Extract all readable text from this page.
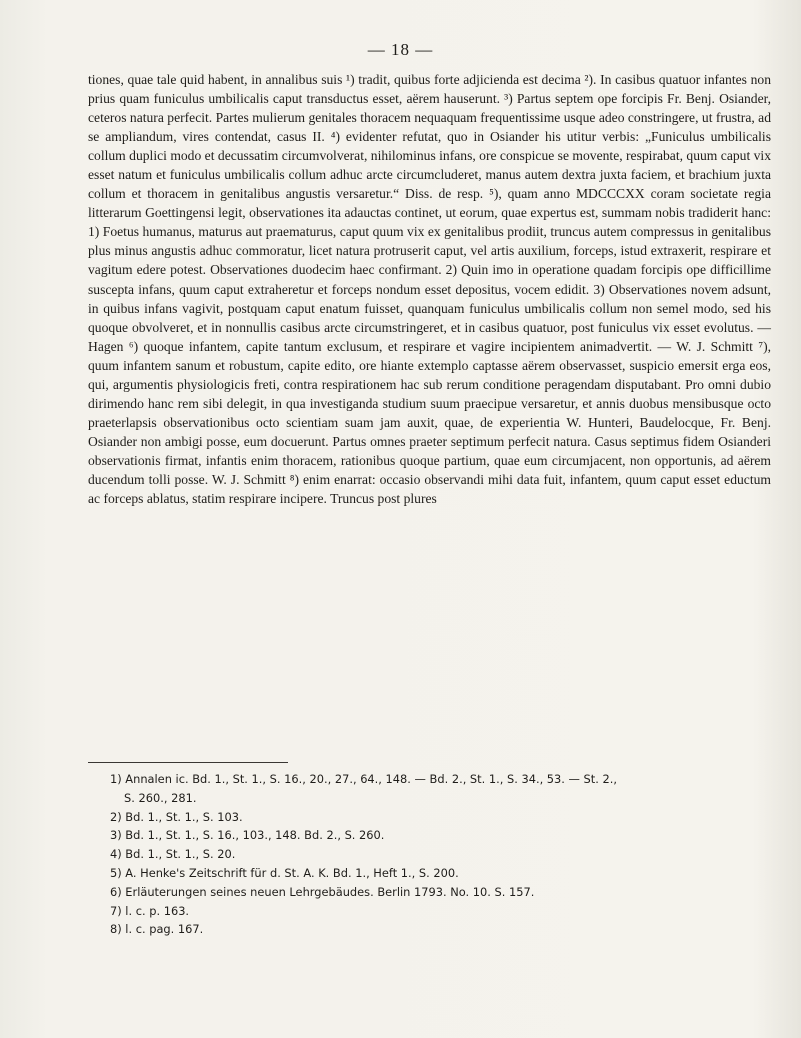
— 18 —

tiones, quae tale quid habent, in annalibus suis ¹) tradit, quibus forte adjicienda est decima ²). In casibus quatuor infantes non prius quam funiculus umbilicalis caput transductus esset, aërem hauserunt. ³) Partus septem ope forcipis Fr. Benj. Osiander, ceteros natura perfecit. Partes mulierum genitales thoracem nequaquam frequentissime usque adeo constringere, ut frustra, ad se ampliandum, vires contendat, casus II. ⁴) evidenter refutat, quo in Osiander his utitur verbis: „Funiculus umbilicalis collum duplici modo et decussatim circumvolverat, nihilominus infans, ore conspicue se movente, respirabat, quum caput vix esset natum et funiculus umbilicalis collum adhuc arcte circumcluderet, manus autem dextra juxta faciem, et brachium juxta collum et thoracem in genitalibus angustis versaretur.“ Diss. de resp. ⁵), quam anno MDCCCXX coram societate regia litterarum Goettingensi legit, observationes ita adauctas continet, ut eorum, quae expertus est, summam nobis tradiderit hanc: 1) Foetus humanus, maturus aut praematurus, caput quum vix ex genitalibus prodiit, truncus autem compressus in genitalibus plus minus angustis adhuc commoratur, licet natura protruserit caput, vel artis auxilium, forceps, istud extraxerit, respirare et vagitum edere potest. Observationes duodecim haec confirmant. 2) Quin imo in operatione quadam forcipis ope difficillime suscepta infans, quum caput extraheretur et forceps nondum esset depositus, vocem edidit. 3) Observationes novem adsunt, in quibus infans vagivit, postquam caput enatum fuisset, quanquam funiculus umbilicalis collum non semel modo, sed his quoque obvolveret, et in nonnullis casibus arcte circumstringeret, et in casibus quatuor, post funiculus vix esset evolutus. — Hagen ⁶) quoque infantem, capite tantum exclusum, et respirare et vagire incipientem animadvertit. — W. J. Schmitt ⁷), quum infantem sanum et robustum, capite edito, ore hiante extemplo captasse aërem observasset, suspicio emersit erga eos, qui, argumentis physiologicis freti, contra respirationem hac sub rerum conditione peragendam disputabant. Pro omni dubio dirimendo hanc rem sibi delegit, in qua investiganda studium suum praecipue versaretur, et annis duobus mensibusque octo praeterlapsis observationibus octo scientiam suam jam auxit, quae, de experientia W. Hunteri, Baudelocque, Fr. Benj. Osiander non ambigi posse, eum docuerunt. Partus omnes praeter septimum perfecit natura. Casus septimus fidem Osianderi observationis firmat, infantis enim thoracem, rationibus quoque partium, quae eum circumjacent, non opportunis, ad aërem ducendum tolli posse. W. J. Schmitt ⁸) enim enarrat: occasio observandi mihi data fuit, infantem, quum caput esset eductum ac forceps ablatus, statim respirare incipere. Truncus post plures

1) Annalen ic. Bd. 1., St. 1., S. 16., 20., 27., 64., 148. — Bd. 2., St. 1., S. 34., 53. — St. 2.,
S. 260., 281.
2) Bd. 1., St. 1., S. 103.
3) Bd. 1., St. 1., S. 16., 103., 148. Bd. 2., S. 260.
4) Bd. 1., St. 1., S. 20.
5) A. Henke's Zeitschrift für d. St. A. K. Bd. 1., Heft 1., S. 200.
6) Erläuterungen seines neuen Lehrgebäudes. Berlin 1793. No. 10. S. 157.
7) l. c. p. 163.
8) l. c. pag. 167.
